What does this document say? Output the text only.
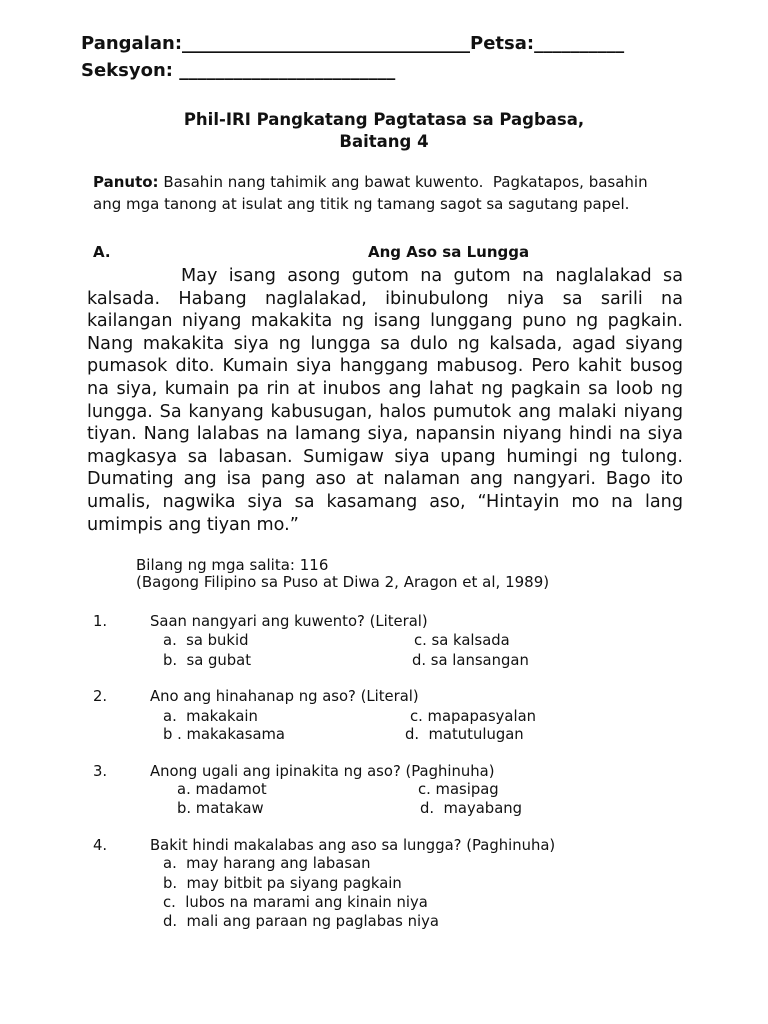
Pangalan:________________________________Petsa:__________
Seksyon: ________________________
Phil-IRI Pangkatang Pagtatasa sa Pagbasa,
Baitang 4
Panuto: Basahin nang tahimik ang bawat kuwento.  Pagkatapos, basahin
ang mga tanong at isulat ang titik ng tamang sagot sa sagutang papel.
A.	Ang Aso sa Lungga

May isang asong gutom na gutom na naglalakad sa kalsada. Habang naglalakad, ibinubulong niya sa sarili na kailangan niyang makakita ng isang lunggang puno ng pagkain. Nang makakita siya ng lungga sa dulo ng kalsada, agad siyang pumasok dito. Kumain siya hanggang mabusog. Pero kahit busog na siya, kumain pa rin at inubos ang lahat ng pagkain sa loob ng lungga. Sa kanyang kabusugan, halos pumutok ang malaki niyang tiyan. Nang lalabas na lamang siya, napansin niyang hindi na siya magkasya sa labasan. Sumigaw siya upang humingi ng tulong. Dumating ang isa pang aso at nalaman ang nangyari. Bago ito umalis, nagwika siya sa kasamang aso, “Hintayin mo na lang umimpis ang tiyan mo.”

Bilang ng mga salita: 116
(Bagong Filipino sa Puso at Diwa 2, Aragon et al, 1989)
1.	Saan nangyari ang kuwento? (Literal)
a.  sa bukid
b.  sa gubat
c. sa kalsada
d. sa lansangan
2.	Ano ang hinahanap ng aso? (Literal)
a.  makakain
b . makakasama
c. mapapasyalan
d.  matutulugan
3.	Anong ugali ang ipinakita ng aso? (Paghinuha)
a. madamot
b. matakaw
c. masipag
d.  mayabang
4.	Bakit hindi makalabas ang aso sa lungga? (Paghinuha)
a.  may harang ang labasan
b.  may bitbit pa siyang pagkain
c.  lubos na marami ang kinain niya
d.  mali ang paraan ng paglabas niya
